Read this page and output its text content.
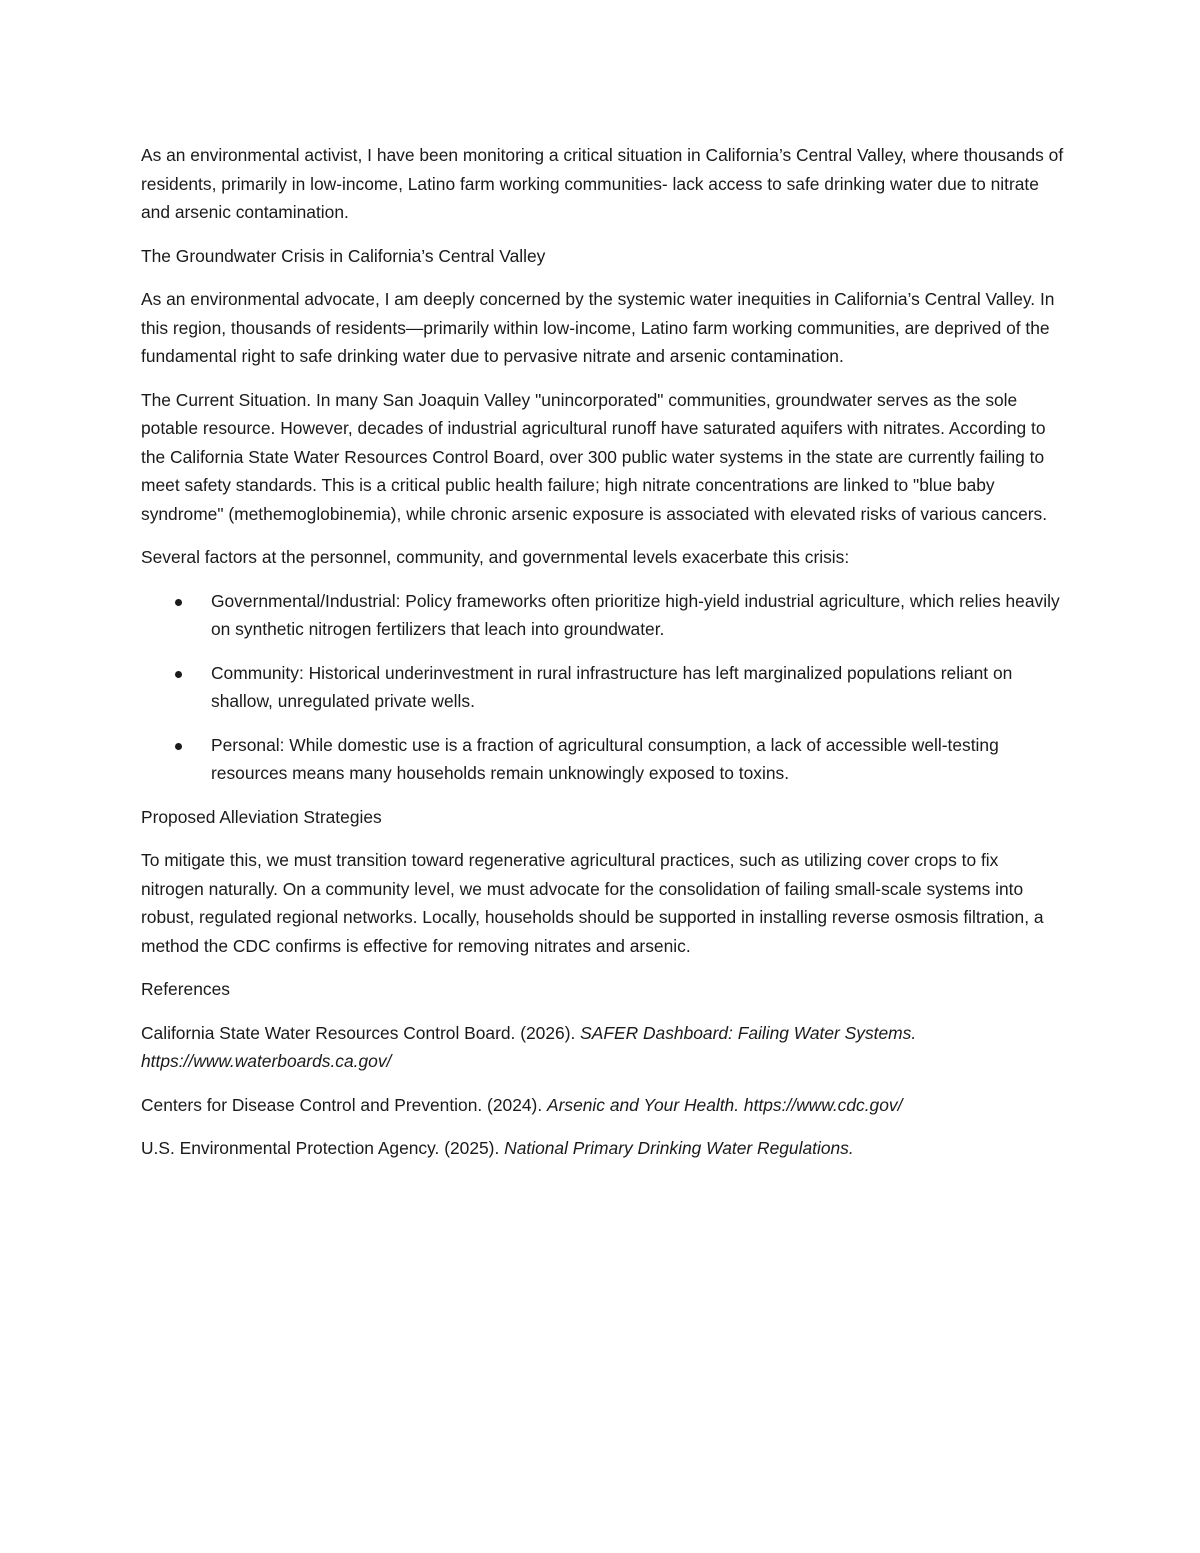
As an environmental activist, I have been monitoring a critical situation in California’s Central Valley, where thousands of residents, primarily in low-income, Latino farm working communities- lack access to safe drinking water due to nitrate and arsenic contamination.

The Groundwater Crisis in California’s Central Valley

As an environmental advocate, I am deeply concerned by the systemic water inequities in California’s Central Valley. In this region, thousands of residents—primarily within low-income, Latino farm working communities, are deprived of the fundamental right to safe drinking water due to pervasive nitrate and arsenic contamination.

The Current Situation. In many San Joaquin Valley "unincorporated" communities, groundwater serves as the sole potable resource. However, decades of industrial agricultural runoff have saturated aquifers with nitrates. According to the California State Water Resources Control Board, over 300 public water systems in the state are currently failing to meet safety standards. This is a critical public health failure; high nitrate concentrations are linked to "blue baby syndrome" (methemoglobinemia), while chronic arsenic exposure is associated with elevated risks of various cancers.

Several factors at the personnel, community, and governmental levels exacerbate this crisis:

Governmental/Industrial: Policy frameworks often prioritize high-yield industrial agriculture, which relies heavily on synthetic nitrogen fertilizers that leach into groundwater.
Community: Historical underinvestment in rural infrastructure has left marginalized populations reliant on shallow, unregulated private wells.
Personal: While domestic use is a fraction of agricultural consumption, a lack of accessible well-testing resources means many households remain unknowingly exposed to toxins.

Proposed Alleviation Strategies

To mitigate this, we must transition toward regenerative agricultural practices, such as utilizing cover crops to fix nitrogen naturally. On a community level, we must advocate for the consolidation of failing small-scale systems into robust, regulated regional networks. Locally, households should be supported in installing reverse osmosis filtration, a method the CDC confirms is effective for removing nitrates and arsenic.

References

California State Water Resources Control Board. (2026). SAFER Dashboard: Failing Water Systems. https://www.waterboards.ca.gov/

Centers for Disease Control and Prevention. (2024). Arsenic and Your Health. https://www.cdc.gov/

U.S. Environmental Protection Agency. (2025). National Primary Drinking Water Regulations.
